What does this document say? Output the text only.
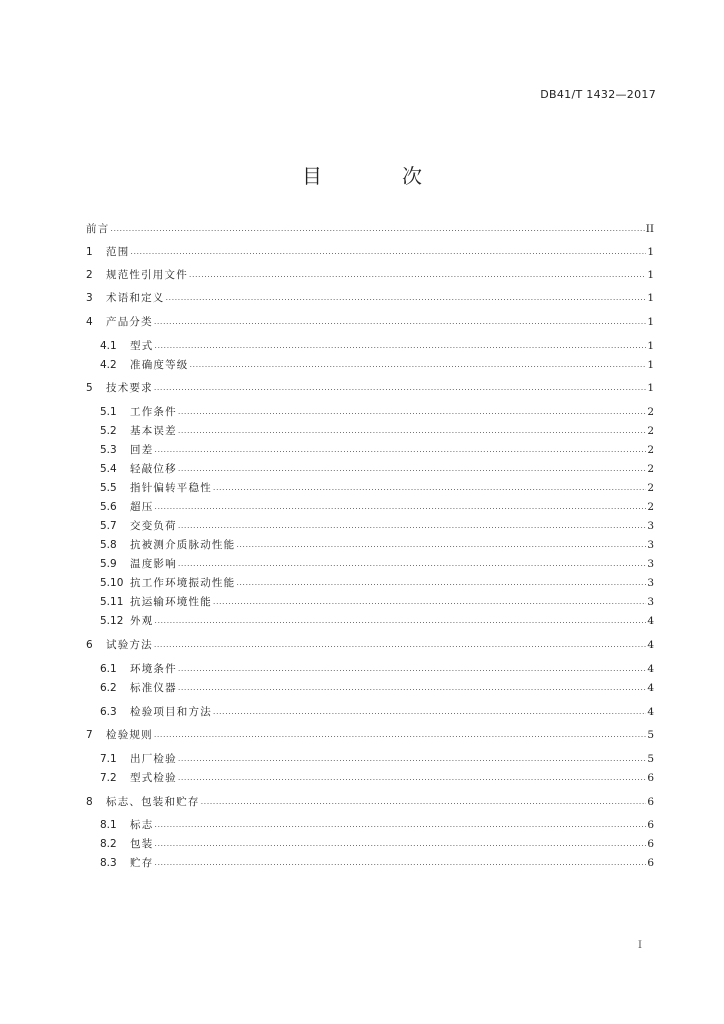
DB41/T 1432—2017
目　次
前言 .....	II
1	范围 .....	1
2	规范性引用文件 .....	1
3	术语和定义 .....	1
4	产品分类 .....	1
4.1	型式 .....	1
4.2	准确度等级 .....	1
5	技术要求 .....	1
5.1	工作条件 .....	2
5.2	基本误差 .....	2
5.3	回差 .....	2
5.4	轻敲位移 .....	2
5.5	指针偏转平稳性 .....	2
5.6	超压 .....	2
5.7	交变负荷 .....	3
5.8	抗被测介质脉动性能 .....	3
5.9	温度影响 .....	3
5.10 抗工作环境振动性能 .....	3
5.11 抗运输环境性能 .....	3
5.12 外观 .....	4
6	试验方法 .....	4
6.1	环境条件 .....	4
6.2	标准仪器 .....	4
6.3	检验项目和方法 .....	4
7	检验规则 .....	5
7.1	出厂检验 .....	5
7.2	型式检验 .....	6
8	标志、包装和贮存 .....	6
8.1	标志 .....	6
8.2	包装 .....	6
8.3	贮存 .....	6
I
